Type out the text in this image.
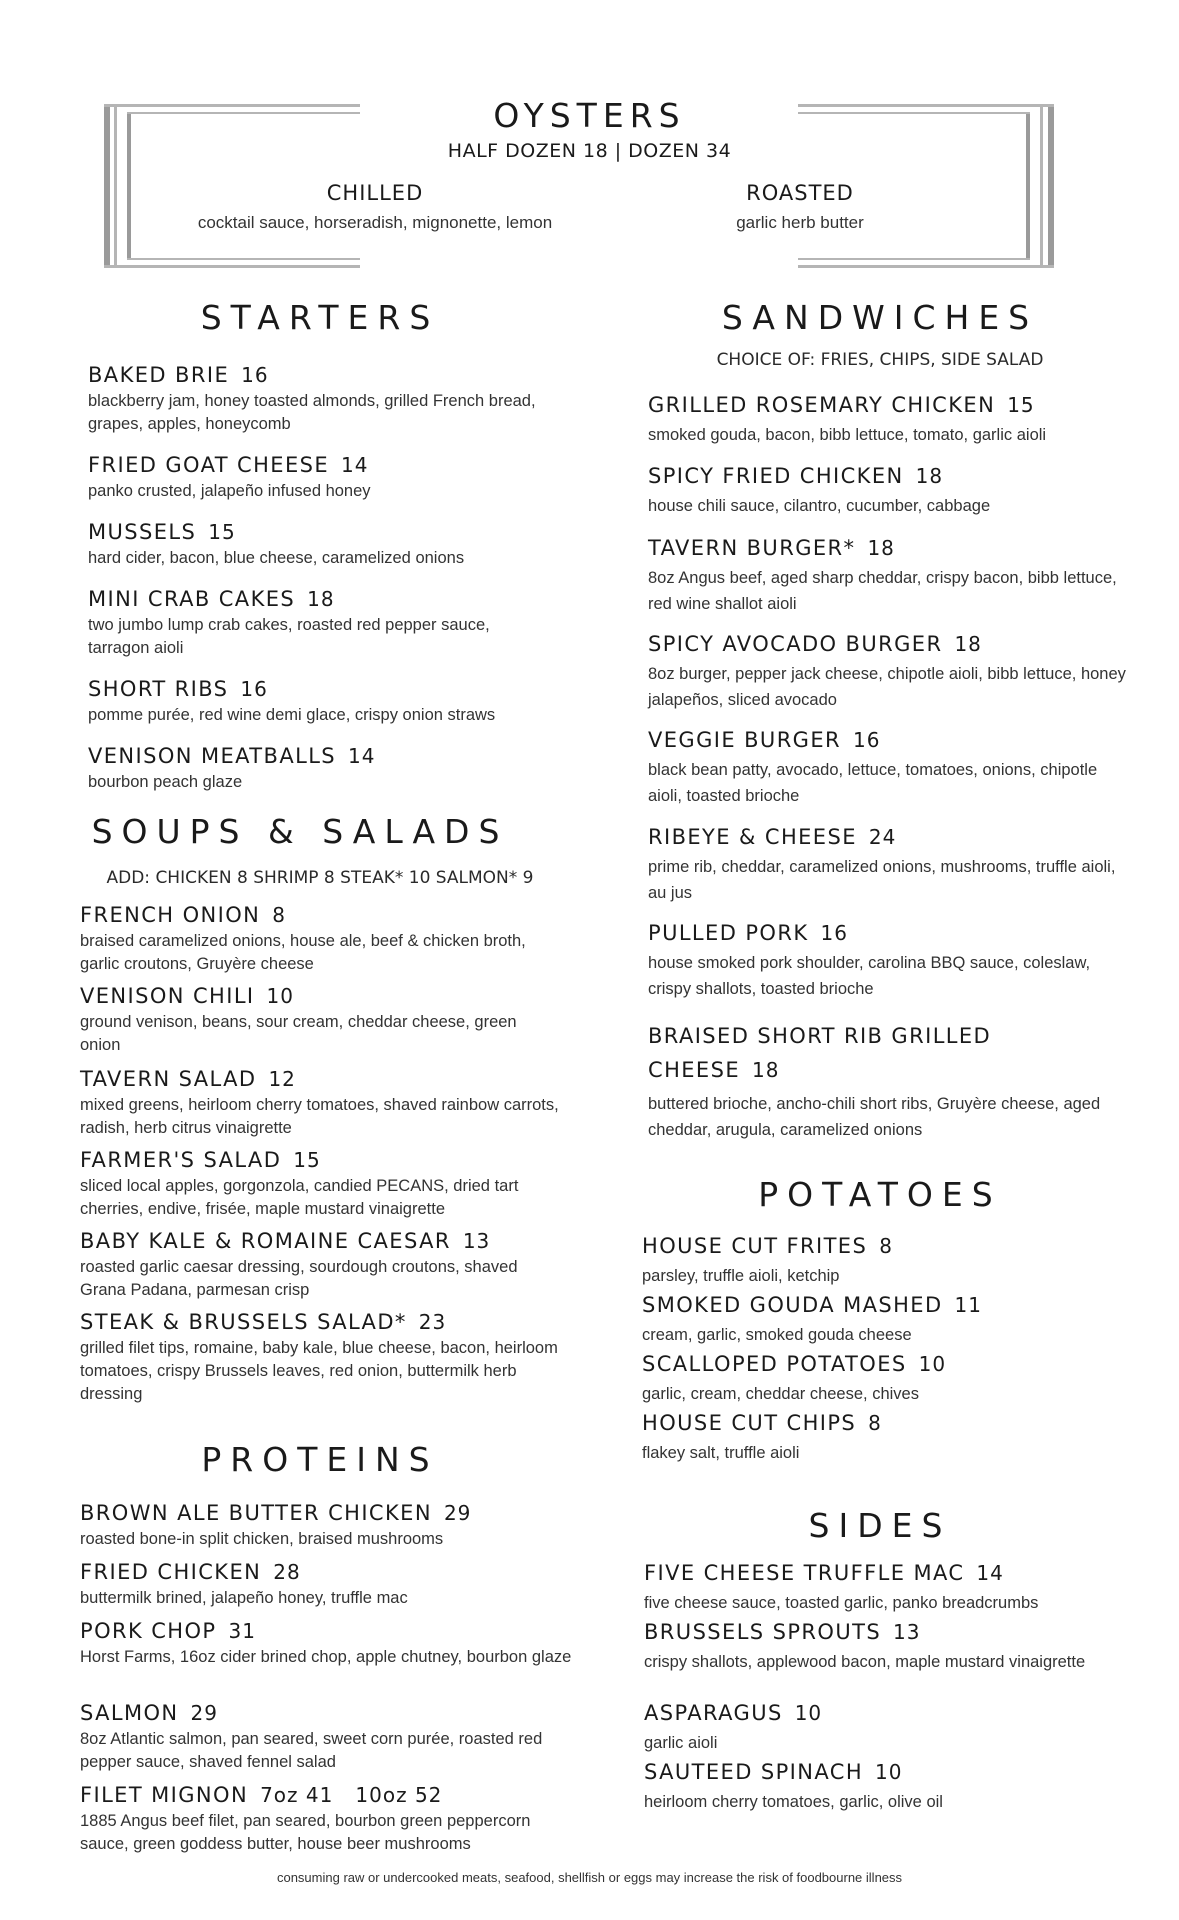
OYSTERS
HALF DOZEN 18 | DOZEN 34
CHILLED
cocktail sauce, horseradish, mignonette, lemon
ROASTED
garlic herb butter
STARTERS
BAKED BRIE 16
blackberry jam, honey toasted almonds, grilled French bread, grapes, apples, honeycomb
FRIED GOAT CHEESE 14
panko crusted, jalapeño infused honey
MUSSELS 15
hard cider, bacon, blue cheese, caramelized onions
MINI CRAB CAKES 18
two jumbo lump crab cakes, roasted red pepper sauce, tarragon aioli
SHORT RIBS 16
pomme purée, red wine demi glace, crispy onion straws
VENISON MEATBALLS 14
bourbon peach glaze
SOUPS & SALADS
ADD: CHICKEN 8 SHRIMP 8 STEAK* 10 SALMON* 9
FRENCH ONION 8
braised caramelized onions, house ale, beef & chicken broth, garlic croutons, Gruyère cheese
VENISON CHILI 10
ground venison, beans, sour cream, cheddar cheese, green onion
TAVERN SALAD 12
mixed greens, heirloom cherry tomatoes, shaved rainbow carrots, radish, herb citrus vinaigrette
FARMER'S SALAD 15
sliced local apples, gorgonzola, candied PECANS, dried tart cherries, endive, frisée, maple mustard vinaigrette
BABY KALE & ROMAINE CAESAR 13
roasted garlic caesar dressing, sourdough croutons, shaved Grana Padana, parmesan crisp
STEAK & BRUSSELS SALAD* 23
grilled filet tips, romaine, baby kale, blue cheese, bacon, heirloom tomatoes, crispy Brussels leaves, red onion, buttermilk herb dressing
PROTEINS
BROWN ALE BUTTER CHICKEN 29
roasted bone-in split chicken, braised mushrooms
FRIED CHICKEN 28
buttermilk brined, jalapeño honey, truffle mac
PORK CHOP 31
Horst Farms, 16oz cider brined chop, apple chutney, bourbon glaze
SALMON 29
8oz Atlantic salmon, pan seared, sweet corn purée, roasted red pepper sauce, shaved fennel salad
FILET MIGNON 7oz 41   10oz 52
1885 Angus beef filet, pan seared, bourbon green peppercorn sauce, green goddess butter, house beer mushrooms
SANDWICHES
CHOICE OF: FRIES, CHIPS, SIDE SALAD
GRILLED ROSEMARY CHICKEN 15
smoked gouda, bacon, bibb lettuce, tomato, garlic aioli
SPICY FRIED CHICKEN 18
house chili sauce, cilantro, cucumber, cabbage
TAVERN BURGER* 18
8oz Angus beef, aged sharp cheddar, crispy bacon, bibb lettuce, red wine shallot aioli
SPICY AVOCADO BURGER 18
8oz burger, pepper jack cheese, chipotle aioli, bibb lettuce, honey jalapeños, sliced avocado
VEGGIE BURGER 16
black bean patty, avocado, lettuce, tomatoes, onions, chipotle aioli, toasted brioche
RIBEYE & CHEESE 24
prime rib, cheddar, caramelized onions, mushrooms, truffle aioli, au jus
PULLED PORK 16
house smoked pork shoulder, carolina BBQ sauce, coleslaw, crispy shallots, toasted brioche
BRAISED SHORT RIB GRILLED CHEESE 18
buttered brioche, ancho-chili short ribs, Gruyère cheese, aged cheddar, arugula, caramelized onions
POTATOES
HOUSE CUT FRITES 8
parsley, truffle aioli, ketchip
SMOKED GOUDA MASHED 11
cream, garlic, smoked gouda cheese
SCALLOPED POTATOES 10
garlic, cream, cheddar cheese, chives
HOUSE CUT CHIPS 8
flakey salt, truffle aioli
SIDES
FIVE CHEESE TRUFFLE MAC 14
five cheese sauce, toasted garlic, panko breadcrumbs
BRUSSELS SPROUTS 13
crispy shallots, applewood bacon, maple mustard vinaigrette
ASPARAGUS 10
garlic aioli
SAUTEED SPINACH 10
heirloom cherry tomatoes, garlic, olive oil
consuming raw or undercooked meats, seafood, shellfish or eggs may increase the risk of foodbourne illness
